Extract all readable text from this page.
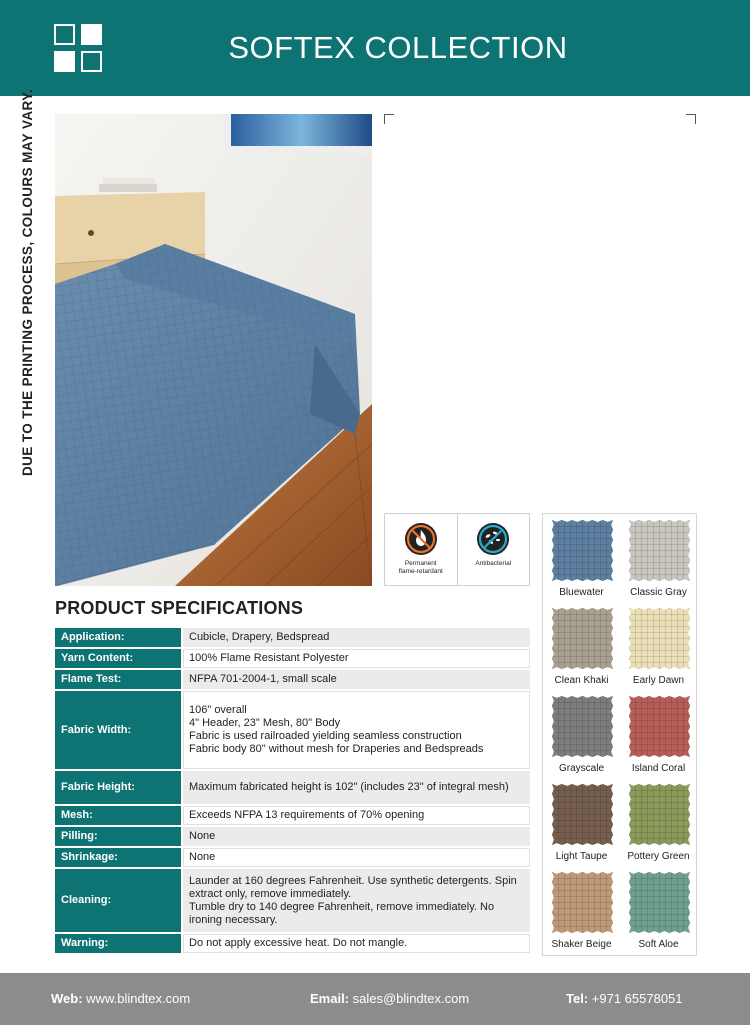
SOFTEX COLLECTION
DUE TO THE PRINTING PROCESS, COLOURS MAY VARY.
Permanent
flame-retardant
Antibacterial
PRODUCT SPECIFICATIONS
Application:	Cubicle, Drapery, Bedspread

Yarn Content:	100% Flame Resistant Polyester

Flame Test:	NFPA 701-2004-1, small scale

Fabric Width:	106" overall
4" Header, 23" Mesh, 80" Body
Fabric is used railroaded yielding seamless construction
Fabric body 80" without mesh for Draperies and Bedspreads

Fabric Height:	Maximum fabricated height is 102" (includes 23" of integral mesh)

Mesh:	Exceeds NFPA 13 requirements of 70% opening

Pilling:	None

Shrinkage:	None

Cleaning:	Launder at 160 degrees Fahrenheit. Use synthetic detergents. Spin extract only, remove immediately.
Tumble dry to 140 degree Fahrenheit, remove immediately. No ironing necessary.

Warning:	Do not apply excessive heat. Do not mangle.
Bluewater	Classic Gray
Clean Khaki	Early Dawn
Grayscale	Island Coral
Light Taupe	Pottery Green
Shaker Beige	Soft Aloe
Web: www.blindtex.com	Email: sales@blindtex.com	Tel: +971 65578051
